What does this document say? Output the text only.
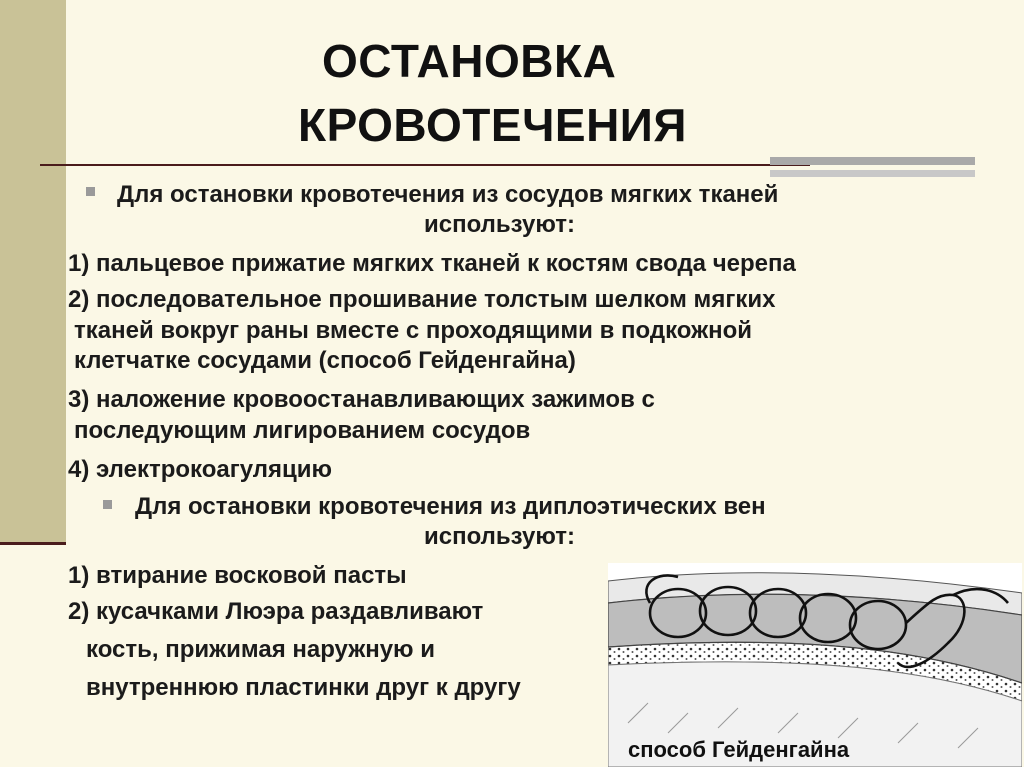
ОСТАНОВКА
КРОВОТЕЧЕНИЯ
Для остановки кровотечения из сосудов мягких тканей
используют:
1) пальцевое прижатие мягких тканей к костям свода черепа
2) последовательное прошивание толстым шелком мягких
тканей вокруг раны вместе с проходящими в подкожной
клетчатке сосудами (способ Гейденгайна)
3) наложение кровоостанавливающих зажимов с
последующим лигированием сосудов
4) электрокоагуляцию
Для остановки кровотечения из диплоэтических вен
используют:
1) втирание восковой пасты
2) кусачками Люэра раздавливают
кость, прижимая наружную и
внутреннюю пластинки друг к другу
способ Гейденгайна
